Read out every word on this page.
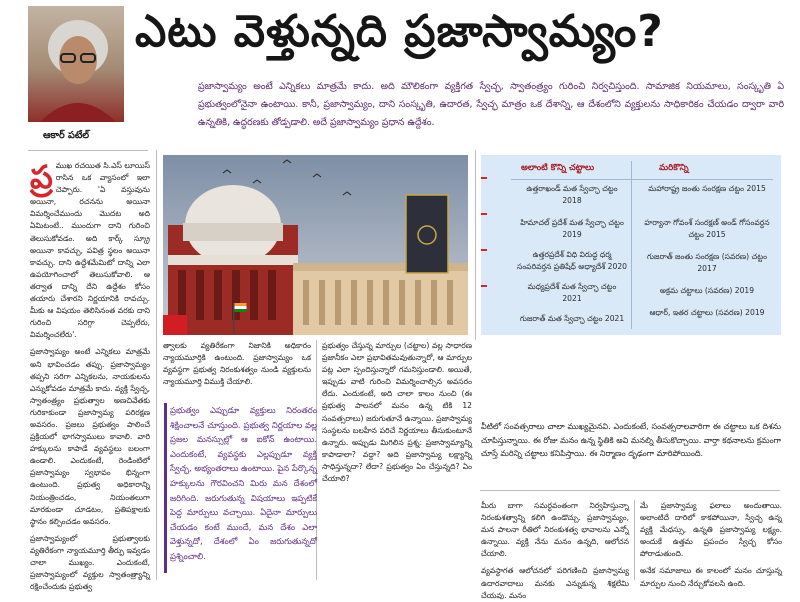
ఎటు వెళ్తున్నది ప్రజాస్వామ్యం?
ప్రజాస్వామ్యం అంటే ఎన్నికలు మాత్రమే కాదు. అది మౌలికంగా వ్యక్తిగత స్వేచ్ఛ, స్వాతంత్ర్యం గురించి నిర్వచిస్తుంది. సామాజిక నియమాలు, సంస్కృతి ఏ ప్రభుత్వంలోనైనా ఉంటాయి. కానీ, ప్రజాస్వామ్యం, దాని సంస్కృతి, ఉదారత, స్వేచ్ఛ మాత్రం ఒక దేశాన్ని, ఆ దేశంలోని వ్యక్తులను సాధికారికం చేయడం ద్వారా వారి ఉన్నతికి, ఉద్ధరణకు తోడ్పడాలి. అదే ప్రజాస్వామ్యం ప్రధాన ఉద్దేశం.
ఆకార్ పటేల్

ప్ర ముఖ రచయిత సి.ఎస్ లూయిస్ రాసిన ఒక వ్యాసంలో ఇలా చెప్పారు. 'ఏ వస్తువును అయినా, రచనను అయినా విమర్శించేముందు మొదట అది ఏమిటంటే.. ముందుగా దాని గురించి తెలుసుకోవడం. అది కార్క్ స్క్రూ అయినా కావచ్చు, పవిత్ర స్థలం అయినా కావచ్చు. దాని ఉద్దేశమేమిటో దాన్ని ఎలా ఉపయోగించాలో తెలుసుకోవాలి. ఆ తర్వాత దాన్ని దేని ఉద్దేశం కోసం తయారు చేశారని నిర్ణయానికి రావచ్చు. మీకు ఆ విషయం తెలిసినంత వరకు దాని గురించి సరిగ్గా చెప్పలేరు, విమర్శించలేరు'.

ప్రజాస్వామ్యం అంటే ఎన్నికలు మాత్రమే అని భావించడం తప్పు. ప్రజాస్వామ్యం తప్పని సరిగా ఎన్నికలను, నాయకులను ఎన్నుకోవడం మాత్రమే కాదు. వ్యక్తి స్వేచ్ఛ, స్వాతంత్ర్యం ప్రభుత్వాల అణచివేతకు గురికాకుండా ప్రజాస్వామ్య పరిరక్షణ అవసరం. ప్రజలు ప్రభుత్వం పాలించే ప్రక్రియలో భాగస్వాములు కావాలి. వారి హక్కులను కాపాడే వ్యవస్థలు బలంగా ఉండాలి. ఎందుకంటే, రెండింటిలో ప్రజాస్వామ్యం స్వభావం భిన్నంగా ఉంటుంది. ప్రభుత్వ అధికారాన్ని నియంత్రించడం, నియంతలుగా మారకుండా చూడటం, ప్రతిపక్షాలకు స్థానం కల్పించడం అవసరం.

ప్రజాస్వామ్యంలో ప్రభుత్వాలకు వ్యతిరేకంగా న్యాయమూర్తి తీర్పు ఇవ్వడం చాలా ముఖ్యం. ఎందుకంటే, ప్రజాస్వామ్యంలో వ్యక్తుల స్వాతంత్ర్యాన్ని రక్షించేందుకు ప్రభుత్వ

త్వాలకు వ్యతిరేకంగా నిజానికి అధికారం న్యాయమూర్తికి ఉంటుంది. ప్రజాస్వామ్యం ఒక వ్యవస్థగా ప్రభుత్వ నిరంకుశత్వం నుండి వ్యక్తులను న్యాయమూర్తి విముక్తి చేయాలి.

ప్రభుత్వం ఎప్పుడూ వ్యక్తులు నిరంతరం శిక్షించాలనే చూస్తుంది. ప్రభుత్వ నిర్ణయాల వల్ల ప్రజల మనస్సుల్లో ఆ ఐకోన్ ఉంటాయి. ఎందుకంటే, వ్యవస్థకు ఎల్లప్పుడూ వ్యక్తి స్వేచ్ఛ, అభ్యంతరాలు ఉంటాయి. పైన పేర్కొన్న హక్కులను గౌరవించని మిరు మన దేశంలో జరిగింది. జరుగుతున్న విషయాలు ఇప్పటికే పెద్ద మార్పులు వచ్చాయి. ఏదైనా మార్పులు చేయడం కంటే ముందే, మన దేశం ఎలా వెళ్తున్నదో, దేశంలో ఏం జరుగుతున్నదో ప్రశ్నించాలి.

ప్రభుత్వం చేస్తున్న మార్పుల (చట్టాల) వల్ల సాధారణ ప్రజానీకం ఎలా ప్రభావితమవుతున్నారో, ఆ మార్పుల పట్ల ఎలా స్పందిస్తున్నారో గమనిస్తుండాలి. అయితే, ఇప్పుడు వాటి గురించి విమర్శించాల్సిన అవసరం లేదు. ఎందుకంటే, అది చాలా కాలం నుంచి (ఈ ప్రభుత్వ పాలనలో మనం ఉన్న టికి 12 సంవత్సరాలు) జరుగుతూనే ఉన్నాయి. ప్రజాస్వామ్య సంస్థలను బలహీన పరిచే నిర్ణయాలు తీసుకుంటూనే ఉన్నారు. అప్పుడు మిగిలిన ప్రశ్న: ప్రజాస్వామ్యాన్ని కాపాడాలా? వద్దా? అది ప్రజాస్వామ్య లక్ష్యాన్ని సాధిస్తున్నదా? లేదా? ప్రభుత్వం ఏం చేస్తున్నది? ఏం చేయాలి?

అలాంటి కొన్ని చట్టాలు	మరికొన్ని
ఉత్తరాఖండ్ మత స్వేచ్ఛా చట్టం 2018
హిమాచల్ ప్రదేశ్ మత స్వేచ్ఛా చట్టం 2019
ఉత్తరప్రదేశ్ విధి విరుద్ధ ధర్మ సంపరివర్తన ప్రతిషేధ్ అధ్యాదేశ్ 2020
మధ్యప్రదేశ్ మత స్వేచ్ఛా చట్టం 2021
గుజరాత్ మత స్వేచ్ఛా చట్టం 2021
మహారాష్ట్ర జంతు సంరక్షణ చట్టం 2015
హర్యానా గోవంశ్ సంరక్షణ్ అండ్ గోసంవర్ధన చట్టం 2015
గుజరాత్ జంతు సంరక్షణ (సవరణ) చట్టం 2017
అక్రమ చట్టాలు (సవరణ) 2019
ఆధార్, ఇతర చట్టాలు (సవరణ) 2019

వీటిలో సంవత్సరాలు చాలా ముఖ్యమైనవి. ఎందుకంటే, సంవత్సరాలవారిగా ఈ చట్టాలు ఒక దిశను చూపిస్తున్నాయి. ఈ రోజు మనం ఉన్న స్థితికి అవి మనల్ని తీసుకొచ్చాయి. వార్తా కథనాలను క్రమంగా చూస్తే మరిన్ని చట్టాలు కనిపిస్తాయి. ఈ నిర్మాణం దృఢంగా మారిపోయింది.

మీరు బాగా సమర్ధవంతంగా నిర్వహిస్తున్నా నిరంకుశత్వాన్ని కలిగి ఉండొచ్చు. ప్రజాస్వామ్యం, మన పాలనా రీతిలో నిరంకుశత్వ భావాలను ఎన్నో ఉన్నాయి. వ్యక్తి నేను మనం ఉన్నది, ఆలోచన చేయాలి.

వ్యవస్థాగత ఆలోచనలో పరిగణించి ప్రజాస్వామ్య ఉదారవాదాలు మనకు ఎన్నుకున్న శిక్షలేమి చేయవు. మనం

మే ప్రజాస్వామ్య ఫలాలు అందుతాయి. అలాంటిదే దారిలో కాకపోయినా, స్వేచ్ఛ ఉన్న వ్యక్తి మేధస్సు, ఉన్నతి ప్రజాస్వామ్య లక్ష్యం. అందుకే ఉత్తమ ప్రపంచం స్వేచ్ఛ కోసం పోరాడుతుంది.

అనేక సమాజాలు ఈ కాలంలో మనం చూస్తున్న మార్పుల నుంచి నేర్చుకోవలసి ఉంది.
